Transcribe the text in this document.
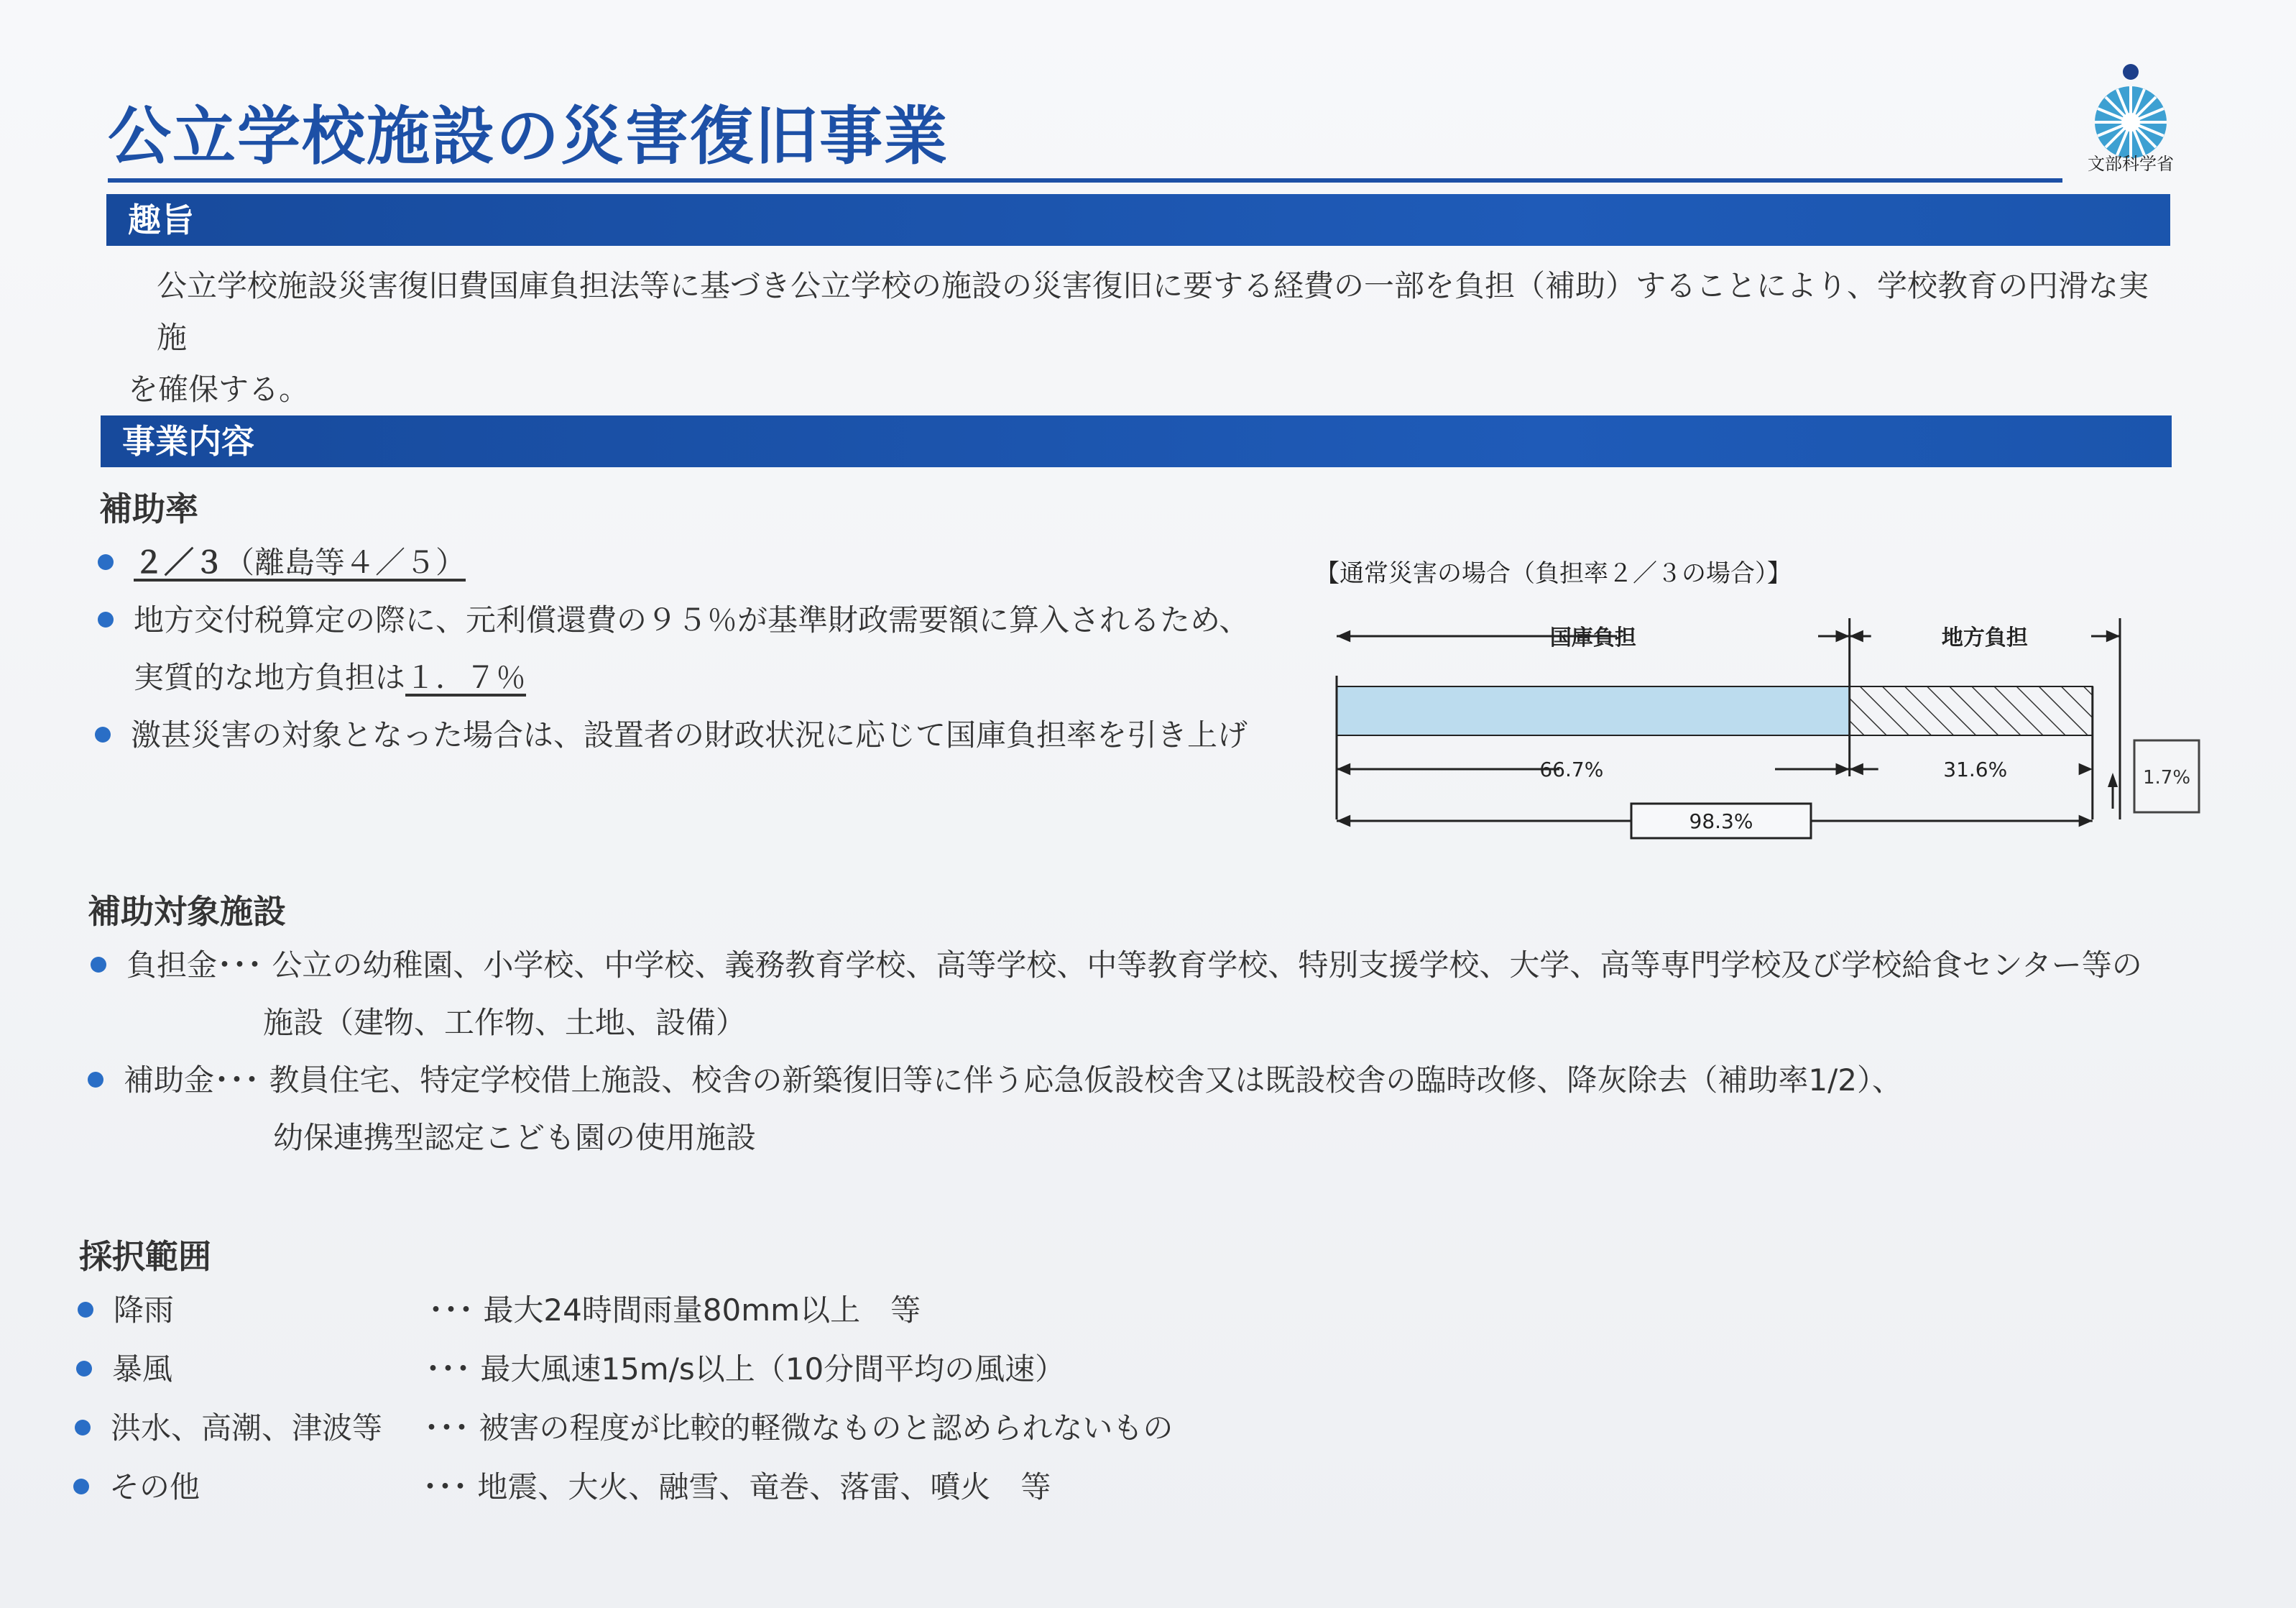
公立学校施設の災害復旧事業	文部科学省
趣旨
公立学校施設災害復旧費国庫負担法等に基づき公立学校の施設の災害復旧に要する経費の一部を負担（補助）することにより、学校教育の円滑な実施
を確保する。
事業内容
補助率
２／３（離島等４／５）
地方交付税算定の際に、元利償還費の９５％が基準財政需要額に算入されるため、
実質的な地方負担は１．７％
激甚災害の対象となった場合は、設置者の財政状況に応じて国庫負担率を引き上げ
【通常災害の場合（負担率２／３の場合）】
国庫負担	地方負担
66.7%	31.6%	1.7%
98.3%
補助対象施設
負担金･･･ 公立の幼稚園、小学校、中学校、義務教育学校、高等学校、中等教育学校、特別支援学校、大学、高等専門学校及び学校給食センター等の
施設（建物、工作物、土地、設備）
補助金･･･ 教員住宅、特定学校借上施設、校舎の新築復旧等に伴う応急仮設校舎又は既設校舎の臨時改修、降灰除去（補助率1/2）、
幼保連携型認定こども園の使用施設
採択範囲
降雨	･･･ 最大24時間雨量80mm以上　等
暴風	･･･ 最大風速15m/s以上（10分間平均の風速）
洪水、高潮、津波等 ･･･ 被害の程度が比較的軽微なものと認められないもの
その他	･･･ 地震、大火、融雪、竜巻、落雷、噴火　等
